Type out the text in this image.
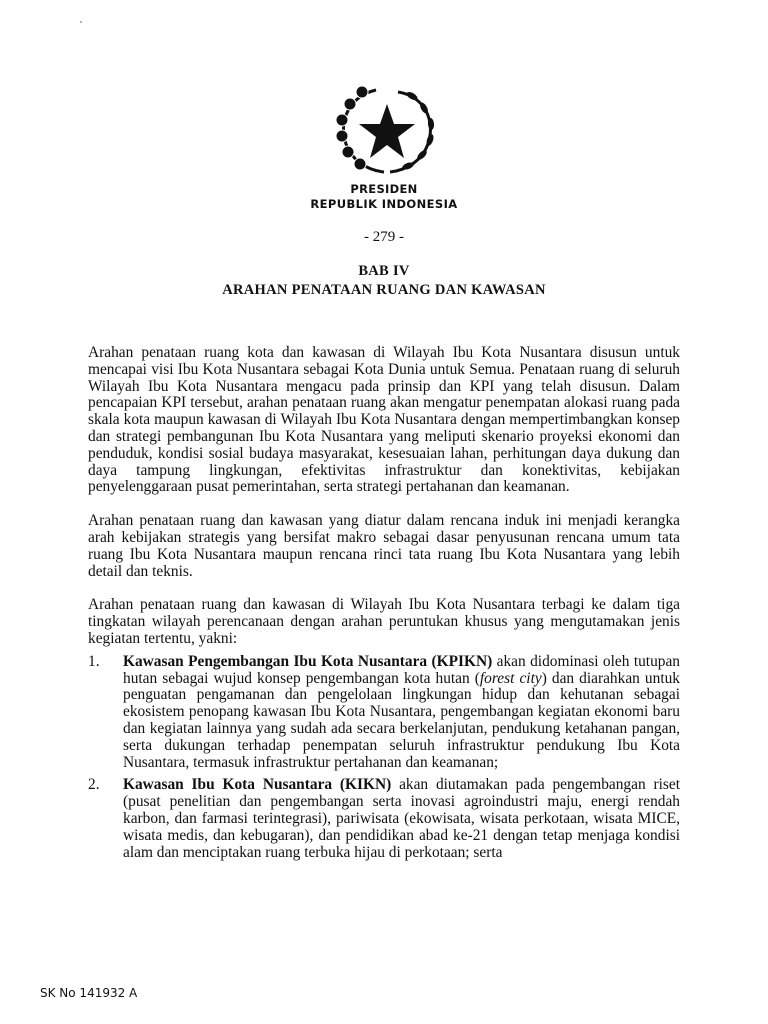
PRESIDEN
REPUBLIK INDONESIA
- 279 -
BAB IV
ARAHAN PENATAAN RUANG DAN KAWASAN

Arahan penataan ruang kota dan kawasan di Wilayah Ibu Kota Nusantara disusun untuk mencapai visi Ibu Kota Nusantara sebagai Kota Dunia untuk Semua. Penataan ruang di seluruh Wilayah Ibu Kota Nusantara mengacu pada prinsip dan KPI yang telah disusun. Dalam pencapaian KPI tersebut, arahan penataan ruang akan mengatur penempatan alokasi ruang pada skala kota maupun kawasan di Wilayah Ibu Kota Nusantara dengan mempertimbangkan konsep dan strategi pembangunan Ibu Kota Nusantara yang meliputi skenario proyeksi ekonomi dan penduduk, kondisi sosial budaya masyarakat, kesesuaian lahan, perhitungan daya dukung dan daya tampung lingkungan, efektivitas infrastruktur dan konektivitas, kebijakan penyelenggaraan pusat pemerintahan, serta strategi pertahanan dan keamanan.

Arahan penataan ruang dan kawasan yang diatur dalam rencana induk ini menjadi kerangka arah kebijakan strategis yang bersifat makro sebagai dasar penyusunan rencana umum tata ruang Ibu Kota Nusantara maupun rencana rinci tata ruang Ibu Kota Nusantara yang lebih detail dan teknis.

Arahan penataan ruang dan kawasan di Wilayah Ibu Kota Nusantara terbagi ke dalam tiga tingkatan wilayah perencanaan dengan arahan peruntukan khusus yang mengutamakan jenis kegiatan tertentu, yakni:

1. Kawasan Pengembangan Ibu Kota Nusantara (KPIKN) akan didominasi oleh tutupan hutan sebagai wujud konsep pengembangan kota hutan (forest city) dan diarahkan untuk penguatan pengamanan dan pengelolaan lingkungan hidup dan kehutanan sebagai ekosistem penopang kawasan Ibu Kota Nusantara, pengembangan kegiatan ekonomi baru dan kegiatan lainnya yang sudah ada secara berkelanjutan, pendukung ketahanan pangan, serta dukungan terhadap penempatan seluruh infrastruktur pendukung Ibu Kota Nusantara, termasuk infrastruktur pertahanan dan keamanan;
2. Kawasan Ibu Kota Nusantara (KIKN) akan diutamakan pada pengembangan riset (pusat penelitian dan pengembangan serta inovasi agroindustri maju, energi rendah karbon, dan farmasi terintegrasi), pariwisata (ekowisata, wisata perkotaan, wisata MICE, wisata medis, dan kebugaran), dan pendidikan abad ke-21 dengan tetap menjaga kondisi alam dan menciptakan ruang terbuka hijau di perkotaan; serta
SK No 141932 A
